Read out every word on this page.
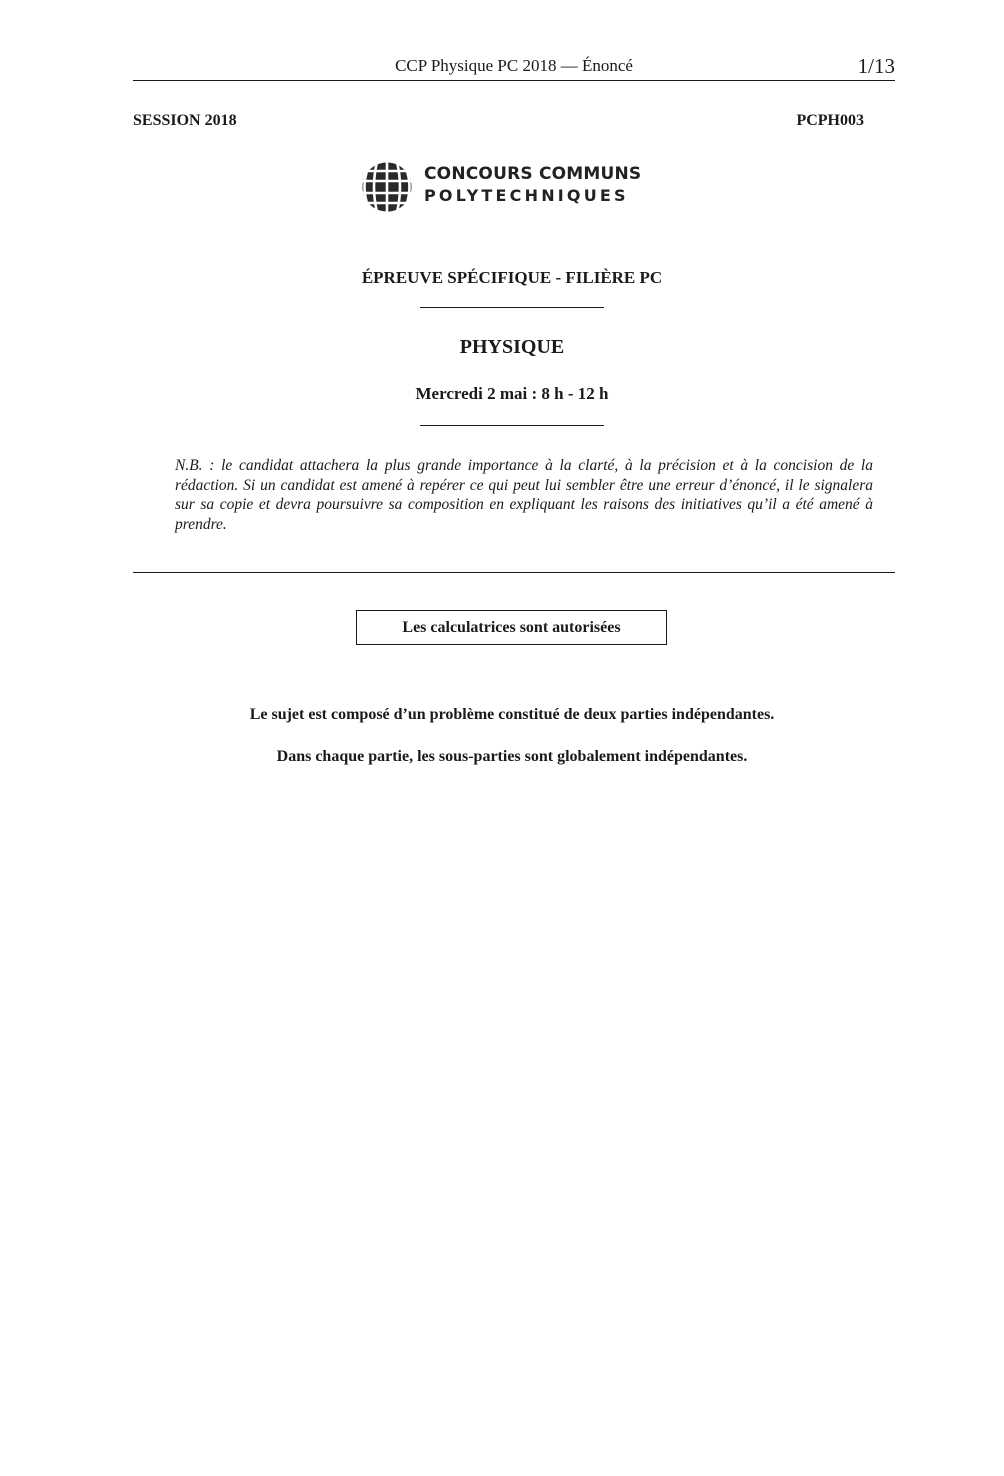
CCP Physique PC 2018 — Énoncé	1/13
SESSION 2018	PCPH003
CONCOURS COMMUNS
POLYTECHNIQUES
ÉPREUVE SPÉCIFIQUE - FILIÈRE PC
PHYSIQUE
Mercredi 2 mai : 8 h - 12 h
N.B. : le candidat attachera la plus grande importance à la clarté, à la précision et à la concision de la rédaction. Si un candidat est amené à repérer ce qui peut lui sembler être une erreur d’énoncé, il le signalera sur sa copie et devra poursuivre sa composition en expliquant les raisons des initiatives qu’il a été amené à prendre.
Les calculatrices sont autorisées
Le sujet est composé d’un problème constitué de deux parties indépendantes.
Dans chaque partie, les sous-parties sont globalement indépendantes.
